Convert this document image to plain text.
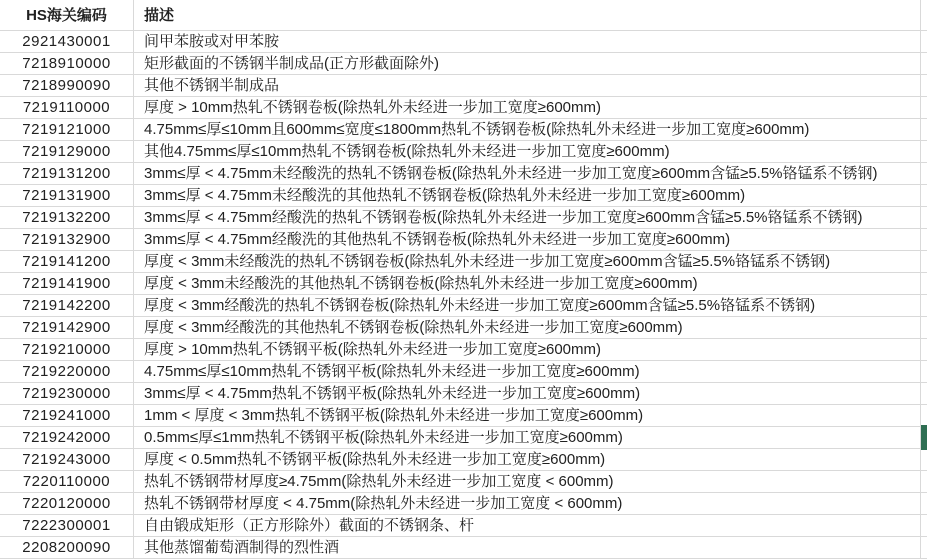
HS海关编码	描述
2921430001	间甲苯胺或对甲苯胺
7218910000	矩形截面的不锈钢半制成品(正方形截面除外)
7218990090	其他不锈钢半制成品
7219110000	厚度 > 10mm热轧不锈钢卷板(除热轧外未经进一步加工宽度≥600mm)
7219121000	4.75mm≤厚≤10mm且600mm≤宽度≤1800mm热轧不锈钢卷板(除热轧外未经进一步加工宽度≥600mm)
7219129000	其他4.75mm≤厚≤10mm热轧不锈钢卷板(除热轧外未经进一步加工宽度≥600mm)
7219131200	3mm≤厚 < 4.75mm未经酸洗的热轧不锈钢卷板(除热轧外未经进一步加工宽度≥600mm含锰≥5.5%铬锰系不锈钢)
7219131900	3mm≤厚 < 4.75mm未经酸洗的其他热轧不锈钢卷板(除热轧外未经进一步加工宽度≥600mm)
7219132200	3mm≤厚 < 4.75mm经酸洗的热轧不锈钢卷板(除热轧外未经进一步加工宽度≥600mm含锰≥5.5%铬锰系不锈钢)
7219132900	3mm≤厚 < 4.75mm经酸洗的其他热轧不锈钢卷板(除热轧外未经进一步加工宽度≥600mm)
7219141200	厚度 < 3mm未经酸洗的热轧不锈钢卷板(除热轧外未经进一步加工宽度≥600mm含锰≥5.5%铬锰系不锈钢)
7219141900	厚度 < 3mm未经酸洗的其他热轧不锈钢卷板(除热轧外未经进一步加工宽度≥600mm)
7219142200	厚度 < 3mm经酸洗的热轧不锈钢卷板(除热轧外未经进一步加工宽度≥600mm含锰≥5.5%铬锰系不锈钢)
7219142900	厚度 < 3mm经酸洗的其他热轧不锈钢卷板(除热轧外未经进一步加工宽度≥600mm)
7219210000	厚度 > 10mm热轧不锈钢平板(除热轧外未经进一步加工宽度≥600mm)
7219220000	4.75mm≤厚≤10mm热轧不锈钢平板(除热轧外未经进一步加工宽度≥600mm)
7219230000	3mm≤厚 < 4.75mm热轧不锈钢平板(除热轧外未经进一步加工宽度≥600mm)
7219241000	1mm < 厚度 < 3mm热轧不锈钢平板(除热轧外未经进一步加工宽度≥600mm)
7219242000	0.5mm≤厚≤1mm热轧不锈钢平板(除热轧外未经进一步加工宽度≥600mm)
7219243000	厚度 < 0.5mm热轧不锈钢平板(除热轧外未经进一步加工宽度≥600mm)
7220110000	热轧不锈钢带材厚度≥4.75mm(除热轧外未经进一步加工宽度 < 600mm)
7220120000	热轧不锈钢带材厚度 < 4.75mm(除热轧外未经进一步加工宽度 < 600mm)
7222300001	自由锻成矩形（正方形除外）截面的不锈钢条、杆
2208200090	其他蒸馏葡萄酒制得的烈性酒
